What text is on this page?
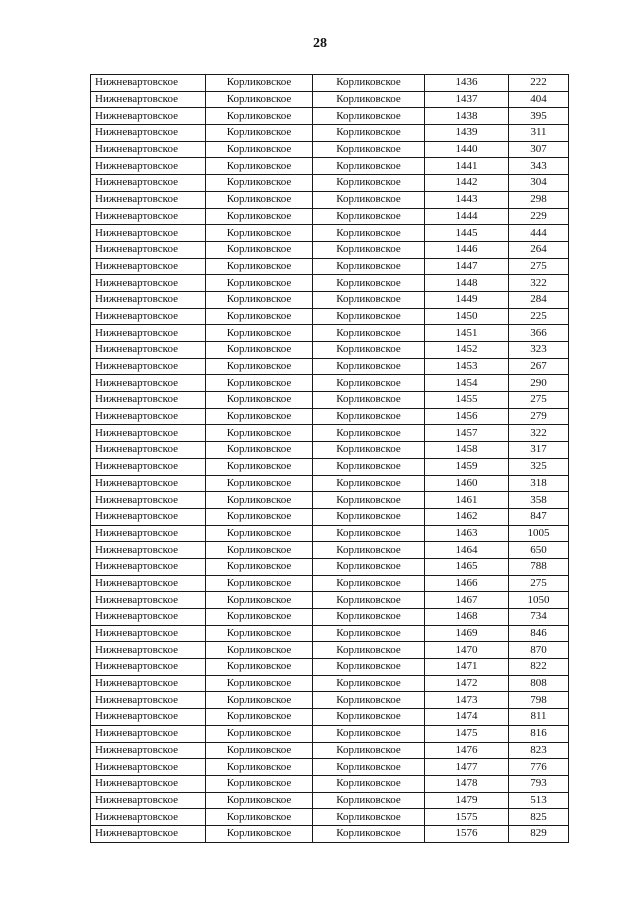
28
Нижневартовское	Корликовское	Корликовское	1436	222
Нижневартовское	Корликовское	Корликовское	1437	404
Нижневартовское	Корликовское	Корликовское	1438	395
Нижневартовское	Корликовское	Корликовское	1439	311
Нижневартовское	Корликовское	Корликовское	1440	307
Нижневартовское	Корликовское	Корликовское	1441	343
Нижневартовское	Корликовское	Корликовское	1442	304
Нижневартовское	Корликовское	Корликовское	1443	298
Нижневартовское	Корликовское	Корликовское	1444	229
Нижневартовское	Корликовское	Корликовское	1445	444
Нижневартовское	Корликовское	Корликовское	1446	264
Нижневартовское	Корликовское	Корликовское	1447	275
Нижневартовское	Корликовское	Корликовское	1448	322
Нижневартовское	Корликовское	Корликовское	1449	284
Нижневартовское	Корликовское	Корликовское	1450	225
Нижневартовское	Корликовское	Корликовское	1451	366
Нижневартовское	Корликовское	Корликовское	1452	323
Нижневартовское	Корликовское	Корликовское	1453	267
Нижневартовское	Корликовское	Корликовское	1454	290
Нижневартовское	Корликовское	Корликовское	1455	275
Нижневартовское	Корликовское	Корликовское	1456	279
Нижневартовское	Корликовское	Корликовское	1457	322
Нижневартовское	Корликовское	Корликовское	1458	317
Нижневартовское	Корликовское	Корликовское	1459	325
Нижневартовское	Корликовское	Корликовское	1460	318
Нижневартовское	Корликовское	Корликовское	1461	358
Нижневартовское	Корликовское	Корликовское	1462	847
Нижневартовское	Корликовское	Корликовское	1463	1005
Нижневартовское	Корликовское	Корликовское	1464	650
Нижневартовское	Корликовское	Корликовское	1465	788
Нижневартовское	Корликовское	Корликовское	1466	275
Нижневартовское	Корликовское	Корликовское	1467	1050
Нижневартовское	Корликовское	Корликовское	1468	734
Нижневартовское	Корликовское	Корликовское	1469	846
Нижневартовское	Корликовское	Корликовское	1470	870
Нижневартовское	Корликовское	Корликовское	1471	822
Нижневартовское	Корликовское	Корликовское	1472	808
Нижневартовское	Корликовское	Корликовское	1473	798
Нижневартовское	Корликовское	Корликовское	1474	811
Нижневартовское	Корликовское	Корликовское	1475	816
Нижневартовское	Корликовское	Корликовское	1476	823
Нижневартовское	Корликовское	Корликовское	1477	776
Нижневартовское	Корликовское	Корликовское	1478	793
Нижневартовское	Корликовское	Корликовское	1479	513
Нижневартовское	Корликовское	Корликовское	1575	825
Нижневартовское	Корликовское	Корликовское	1576	829
